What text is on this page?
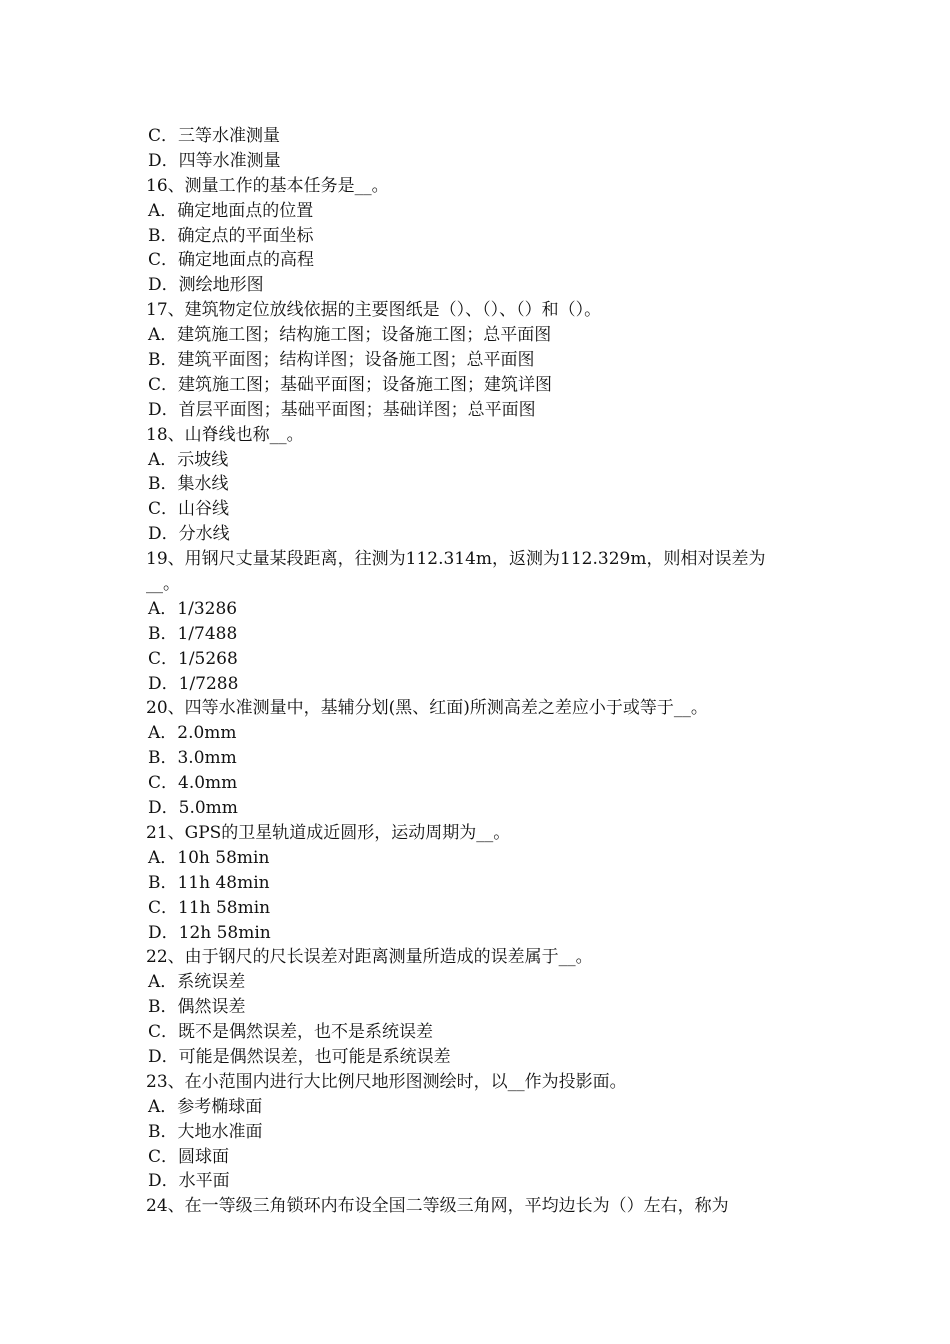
C．三等水准测量
D．四等水准测量
16、测量工作的基本任务是__。
A．确定地面点的位置
B．确定点的平面坐标
C．确定地面点的高程
D．测绘地形图
17、建筑物定位放线依据的主要图纸是（）、（）、（）和（）。
A．建筑施工图；结构施工图；设备施工图；总平面图
B．建筑平面图；结构详图；设备施工图；总平面图
C．建筑施工图；基础平面图；设备施工图；建筑详图
D．首层平面图；基础平面图；基础详图；总平面图
18、山脊线也称__。
A．示坡线
B．集水线
C．山谷线
D．分水线
19、用钢尺丈量某段距离，往测为112.314m，返测为112.329m，则相对误差为
__。
A．1/3286
B．1/7488
C．1/5268
D．1/7288
20、四等水准测量中，基辅分划(黑、红面)所测高差之差应小于或等于__。
A．2.0mm
B．3.0mm
C．4.0mm
D．5.0mm
21、GPS的卫星轨道成近圆形，运动周期为__。
A．10h 58min
B．11h 48min
C．11h 58min
D．12h 58min
22、由于钢尺的尺长误差对距离测量所造成的误差属于__。
A．系统误差
B．偶然误差
C．既不是偶然误差，也不是系统误差
D．可能是偶然误差，也可能是系统误差
23、在小范围内进行大比例尺地形图测绘时，以__作为投影面。
A．参考椭球面
B．大地水准面
C．圆球面
D．水平面
24、在一等级三角锁环内布设全国二等级三角网，平均边长为（）左右，称为
